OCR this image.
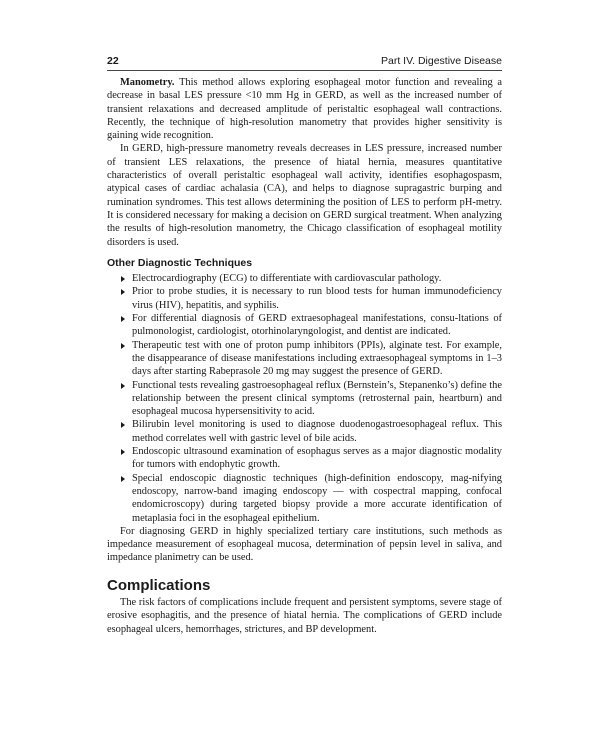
22	Part IV. Digestive Disease

Manometry. This method allows exploring esophageal motor function and revealing a decrease in basal LES pressure <10 mm Hg in GERD, as well as the increased number of transient relaxations and decreased amplitude of peristaltic esophageal wall contractions. Recently, the technique of high-resolution manometry that provides higher sensitivity is gaining wide recognition.

In GERD, high-pressure manometry reveals decreases in LES pressure, increased number of transient LES relaxations, the presence of hiatal hernia, measures quantitative characteristics of overall peristaltic esophageal wall activity, identifies esophagospasm, atypical cases of cardiac achalasia (CA), and helps to diagnose supragastric burping and rumination syndromes. This test allows determining the position of LES to perform pH-metry. It is considered necessary for making a decision on GERD surgical treatment. When analyzing the results of high-resolution manometry, the Chicago classification of esophageal motility disorders is used.

Other Diagnostic Techniques
Electrocardiography (ECG) to differentiate with cardiovascular pathology.
Prior to probe studies, it is necessary to run blood tests for human immunodeficiency virus (HIV), hepatitis, and syphilis.
For differential diagnosis of GERD extraesophageal manifestations, consu-ltations of pulmonologist, cardiologist, otorhinolaryngologist, and dentist are indicated.
Therapeutic test with one of proton pump inhibitors (PPIs), alginate test. For example, the disappearance of disease manifestations including extraesophageal symptoms in 1–3 days after starting Rabeprasole 20 mg may suggest the presence of GERD.
Functional tests revealing gastroesophageal reflux (Bernstein’s, Stepanenko’s) define the relationship between the present clinical symptoms (retrosternal pain, heartburn) and esophageal mucosa hypersensitivity to acid.
Bilirubin level monitoring is used to diagnose duodenogastroesophageal reflux. This method correlates well with gastric level of bile acids.
Endoscopic ultrasound examination of esophagus serves as a major diagnostic modality for tumors with endophytic growth.
Special endoscopic diagnostic techniques (high-definition endoscopy, mag-nifying endoscopy, narrow-band imaging endoscopy — with cospectral mapping, confocal endomicroscopy) during targeted biopsy provide a more accurate identification of metaplasia foci in the esophageal epithelium.

For diagnosing GERD in highly specialized tertiary care institutions, such methods as impedance measurement of esophageal mucosa, determination of pepsin level in saliva, and impedance planimetry can be used.

Complications

The risk factors of complications include frequent and persistent symptoms, severe stage of erosive esophagitis, and the presence of hiatal hernia. The complications of GERD include esophageal ulcers, hemorrhages, strictures, and BP development.
